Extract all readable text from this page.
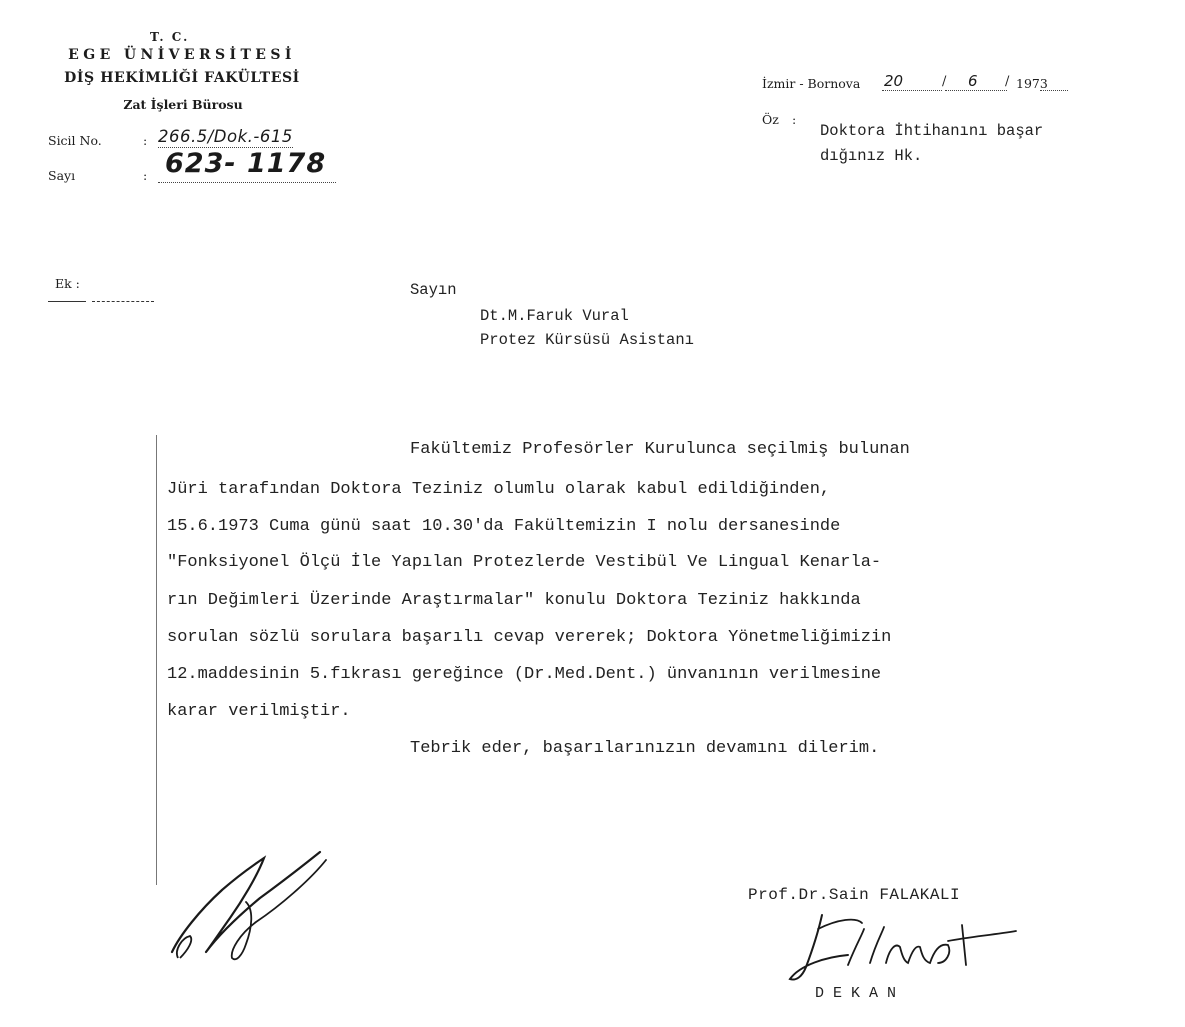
T. C.
EGE ÜNİVERSİTESİ
DİŞ HEKİMLİĞİ FAKÜLTESİ
Zat İşleri Bürosu
Sicil No.	: 266.5/Dok.-615
Sayı	: 623- 1178
Ek :
İzmir - Bornova 20	/ 6 / 1973
Öz :
Doktora İhtihanını başar
dığınız Hk.
Sayın
Dt.M.Faruk Vural
Protez Kürsüsü Asistanı
Fakültemiz Profesörler Kurulunca seçilmiş bulunan
Jüri tarafından Doktora Teziniz olumlu olarak kabul edildiğinden,
15.6.1973 Cuma günü saat 10.30'da Fakültemizin I nolu dersanesinde
"Fonksiyonel Ölçü İle Yapılan Protezlerde Vestibül Ve Lingual Kenarla-
rın Değimleri Üzerinde Araştırmalar" konulu Doktora Teziniz hakkında
sorulan sözlü sorulara başarılı cevap vererek; Doktora Yönetmeliğimizin
12.maddesinin 5.fıkrası gereğince (Dr.Med.Dent.) ünvanının verilmesine
karar verilmiştir.
Tebrik eder, başarılarınızın devamını dilerim.
Prof.Dr.Sain FALAKALI
DEKAN
